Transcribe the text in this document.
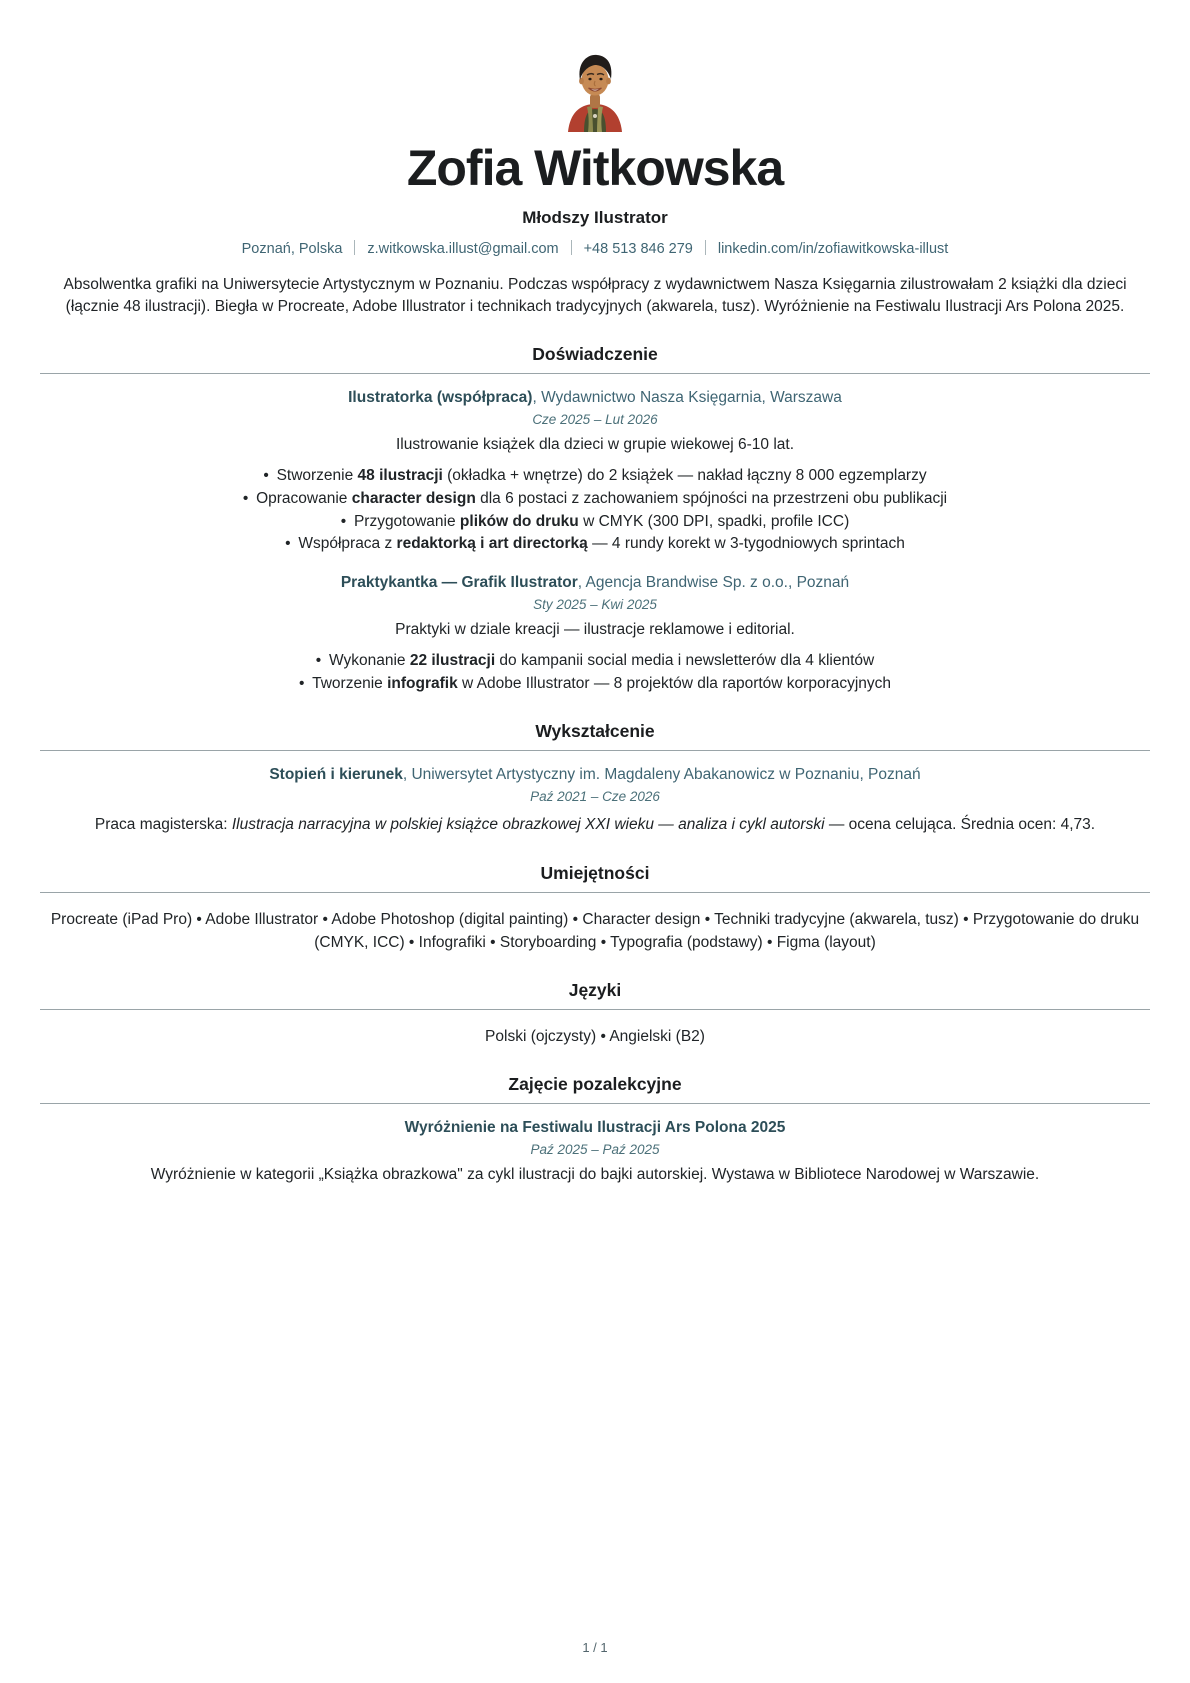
Zofia Witkowska
Młodszy Ilustrator
Poznań, Polska z.witkowska.illust@gmail.com +48 513 846 279 linkedin.com/in/zofiawitkowska-illust

Absolwentka grafiki na Uniwersytecie Artystycznym w Poznaniu. Podczas współpracy z wydawnictwem Nasza Księgarnia zilustrowałam 2 książki dla dzieci (łącznie 48 ilustracji). Biegła w Procreate, Adobe Illustrator i technikach tradycyjnych (akwarela, tusz). Wyróżnienie na Festiwalu Ilustracji Ars Polona 2025.

Doświadczenie
Ilustratorka (współpraca), Wydawnictwo Nasza Księgarnia, Warszawa
Cze 2025 – Lut 2026
Ilustrowanie książek dla dzieci w grupie wiekowej 6-10 lat.
• Stworzenie 48 ilustracji (okładka + wnętrze) do 2 książek — nakład łączny 8 000 egzemplarzy
• Opracowanie character design dla 6 postaci z zachowaniem spójności na przestrzeni obu publikacji
• Przygotowanie plików do druku w CMYK (300 DPI, spadki, profile ICC)
• Współpraca z redaktorką i art directorką — 4 rundy korekt w 3-tygodniowych sprintach
Praktykantka — Grafik Ilustrator, Agencja Brandwise Sp. z o.o., Poznań
Sty 2025 – Kwi 2025
Praktyki w dziale kreacji — ilustracje reklamowe i editorial.
• Wykonanie 22 ilustracji do kampanii social media i newsletterów dla 4 klientów
• Tworzenie infografik w Adobe Illustrator — 8 projektów dla raportów korporacyjnych
Wykształcenie
Stopień i kierunek, Uniwersytet Artystyczny im. Magdaleny Abakanowicz w Poznaniu, Poznań
Paź 2021 – Cze 2026
Praca magisterska: Ilustracja narracyjna w polskiej książce obrazkowej XXI wieku — analiza i cykl autorski — ocena celująca. Średnia ocen: 4,73.
Umiejętności

Procreate (iPad Pro) • Adobe Illustrator • Adobe Photoshop (digital painting) • Character design • Techniki tradycyjne (akwarela, tusz) • Przygotowanie do druku (CMYK, ICC) • Infografiki • Storyboarding • Typografia (podstawy) • Figma (layout)

Języki

Polski (ojczysty) • Angielski (B2)

Zajęcie pozalekcyjne
Wyróżnienie na Festiwalu Ilustracji Ars Polona 2025
Paź 2025 – Paź 2025
Wyróżnienie w kategorii „Książka obrazkowa" za cykl ilustracji do bajki autorskiej. Wystawa w Bibliotece Narodowej w Warszawie.
1 / 1
